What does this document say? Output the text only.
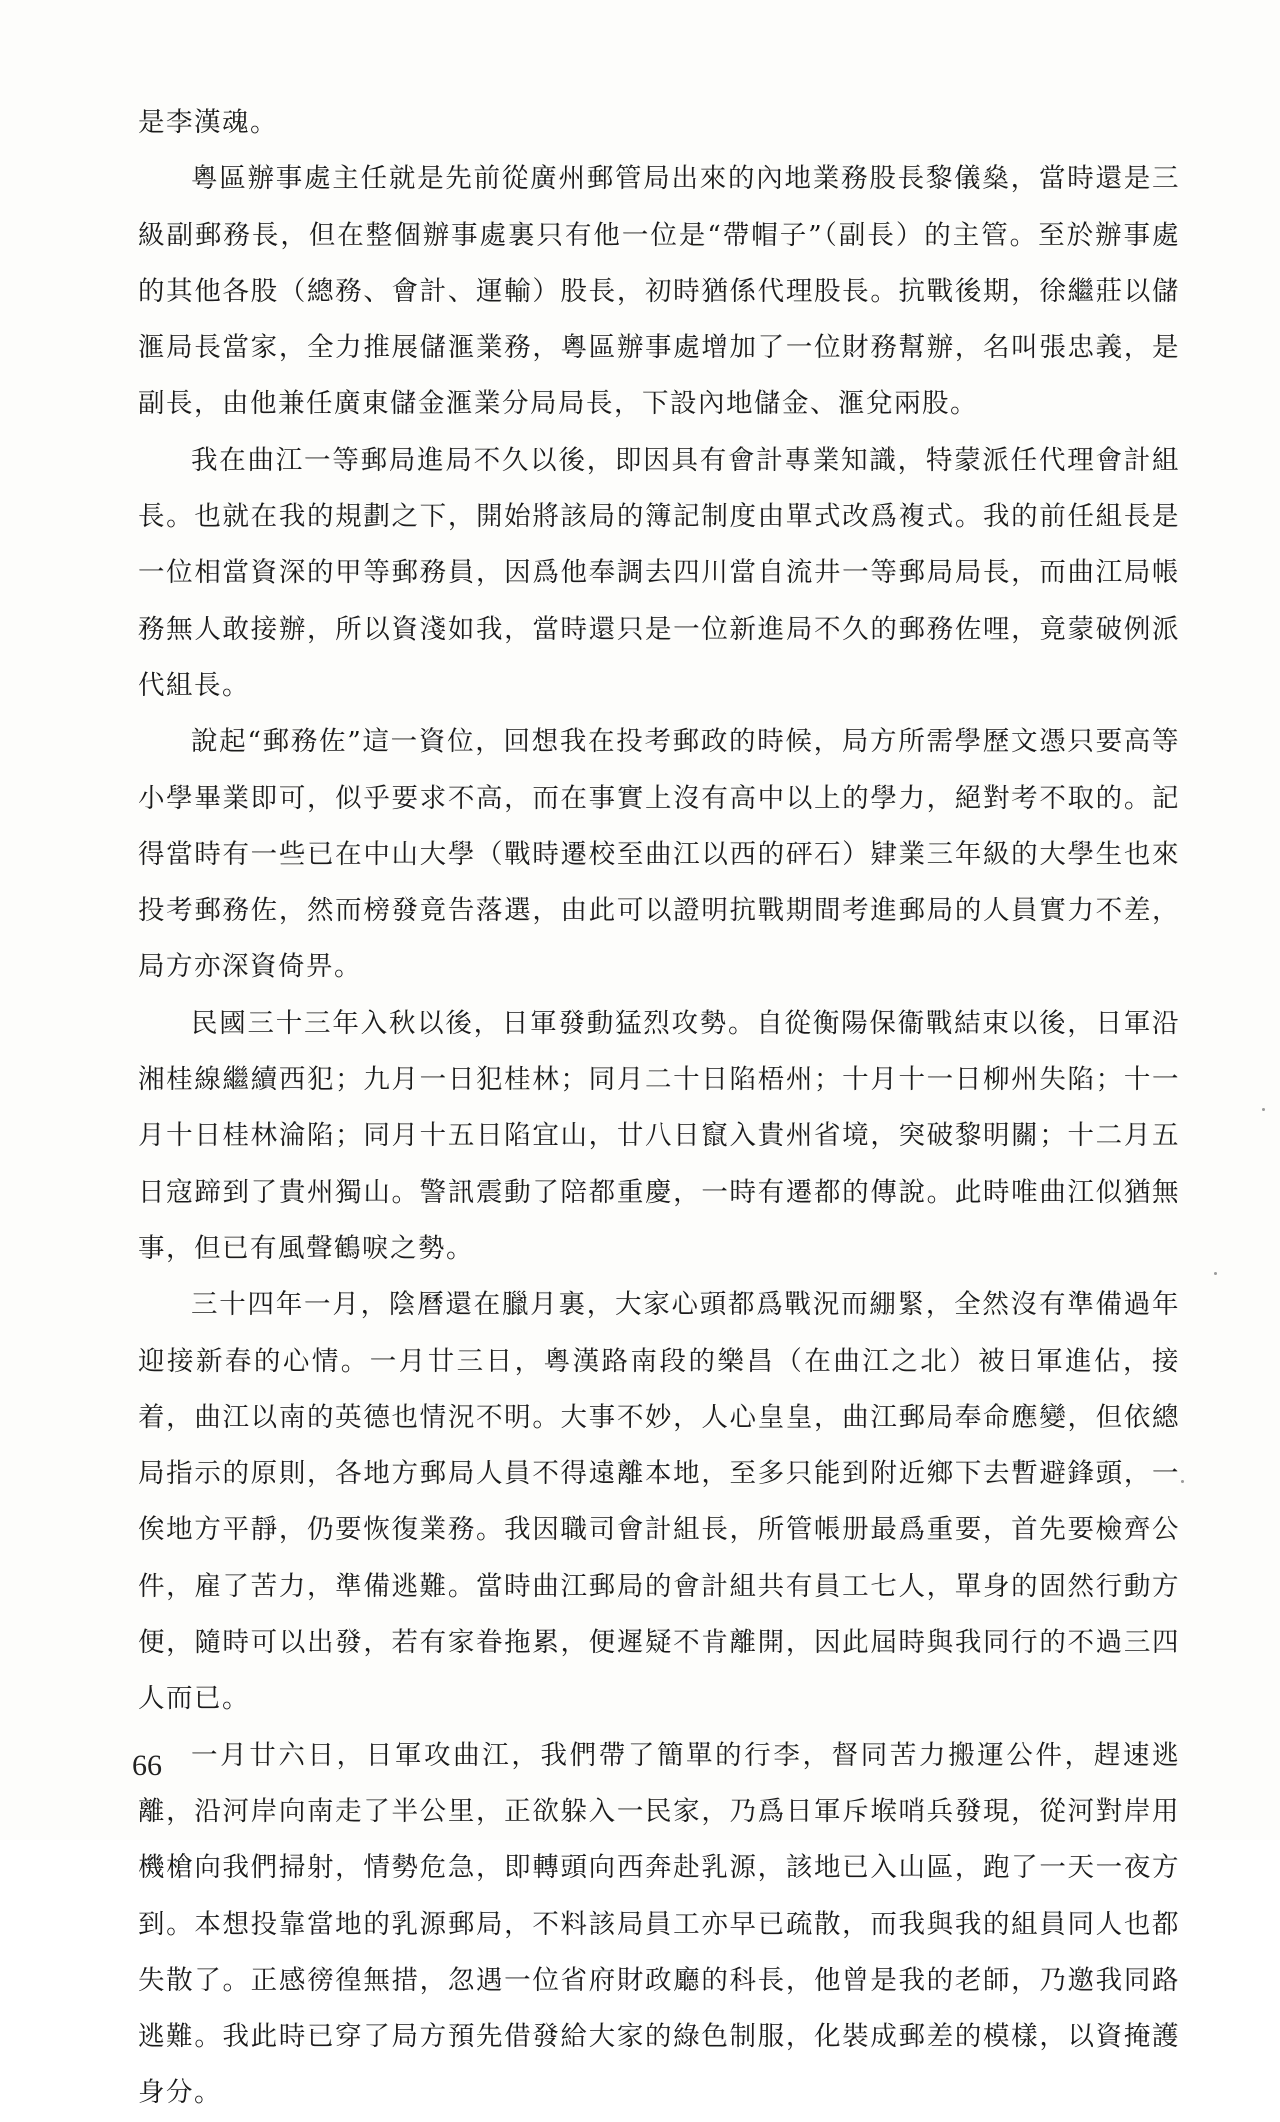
是李漢魂。

粵區辦事處主任就是先前從廣州郵管局出來的內地業務股長黎儀燊，當時還是三級副郵務長，但在整個辦事處裏只有他一位是“帶帽子”（副長）的主管。至於辦事處的其他各股（總務、會計、運輸）股長，初時猶係代理股長。抗戰後期，徐繼莊以儲滙局長當家，全力推展儲滙業務，粵區辦事處增加了一位財務幫辦，名叫張忠義，是副長，由他兼任廣東儲金滙業分局局長，下設內地儲金、滙兌兩股。

我在曲江一等郵局進局不久以後，即因具有會計專業知識，特蒙派任代理會計組長。也就在我的規劃之下，開始將該局的簿記制度由單式改爲複式。我的前任組長是一位相當資深的甲等郵務員，因爲他奉調去四川當自流井一等郵局局長，而曲江局帳務無人敢接辦，所以資淺如我，當時還只是一位新進局不久的郵務佐哩，竟蒙破例派代組長。

說起“郵務佐”這一資位，回想我在投考郵政的時候，局方所需學歷文憑只要高等小學畢業即可，似乎要求不高，而在事實上沒有高中以上的學力，絕對考不取的。記得當時有一些已在中山大學（戰時遷校至曲江以西的砰石）肄業三年級的大學生也來投考郵務佐，然而榜發竟告落選，由此可以證明抗戰期間考進郵局的人員實力不差，局方亦深資倚畀。

民國三十三年入秋以後，日軍發動猛烈攻勢。自從衡陽保衞戰結束以後，日軍沿湘桂線繼續西犯；九月一日犯桂林；同月二十日陷梧州；十月十一日柳州失陷；十一月十日桂林淪陷；同月十五日陷宜山，廿八日竄入貴州省境，突破黎明關；十二月五日寇蹄到了貴州獨山。警訊震動了陪都重慶，一時有遷都的傳說。此時唯曲江似猶無事，但已有風聲鶴唳之勢。

三十四年一月，陰曆還在臘月裏，大家心頭都爲戰況而綳緊，全然沒有準備過年迎接新春的心情。一月廿三日，粵漢路南段的樂昌（在曲江之北）被日軍進佔，接着，曲江以南的英德也情況不明。大事不妙，人心皇皇，曲江郵局奉命應變，但依總局指示的原則，各地方郵局人員不得遠離本地，至多只能到附近鄉下去暫避鋒頭，一俟地方平靜，仍要恢復業務。我因職司會計組長，所管帳册最爲重要，首先要檢齊公件，雇了苦力，準備逃難。當時曲江郵局的會計組共有員工七人，單身的固然行動方便，隨時可以出發，若有家眷拖累，便遲疑不肯離開，因此屆時與我同行的不過三四人而已。

一月廿六日，日軍攻曲江，我們帶了簡單的行李，督同苦力搬運公件，趕速逃離，沿河岸向南走了半公里，正欲躲入一民家，乃爲日軍斥堠哨兵發現，從河對岸用機槍向我們掃射，情勢危急，即轉頭向西奔赴乳源，該地已入山區，跑了一天一夜方到。本想投靠當地的乳源郵局，不料該局員工亦早已疏散，而我與我的組員同人也都失散了。正感徬徨無措，忽遇一位省府財政廳的科長，他曾是我的老師，乃邀我同路逃難。我此時已穿了局方預先借發給大家的綠色制服，化裝成郵差的模樣，以資掩護身分。

66
